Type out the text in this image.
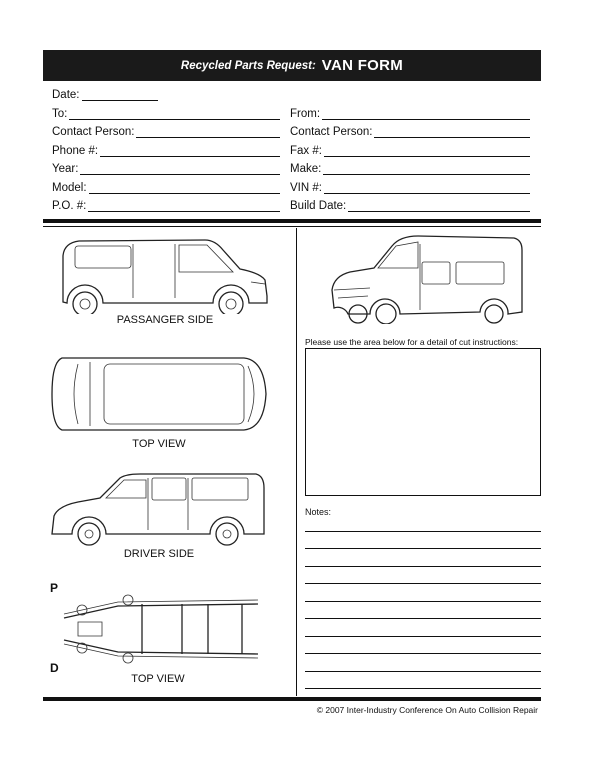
Recycled Parts Request: VAN FORM
Date:
To:	From:
Contact Person:	Contact Person:
Phone #:	Fax #:
Year:	Make:
Model:	VIN #:
P.O. #:	Build Date:
PASSANGER SIDE
TOP VIEW
DRIVER SIDE
P
D
TOP VIEW
Please use the area below for a detail of cut instructions:
Notes:
© 2007 Inter-Industry Conference On Auto Collision Repair
